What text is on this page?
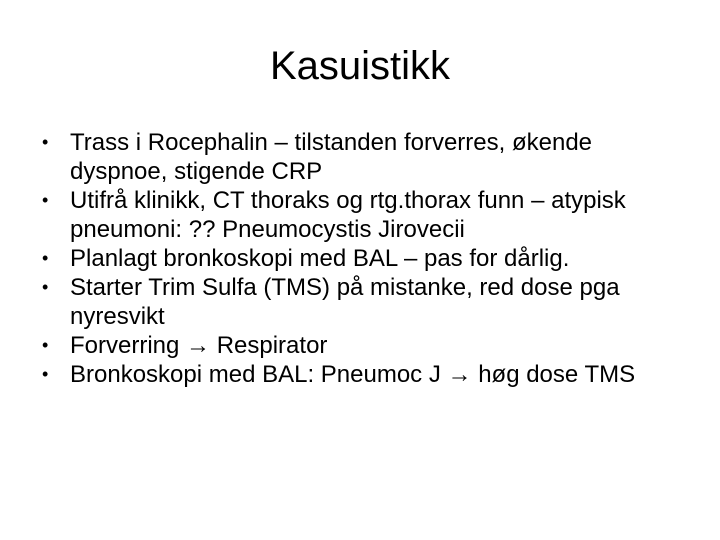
Kasuistikk
• Trass i Rocephalin – tilstanden forverres, økende dyspnoe, stigende CRP
• Utifrå klinikk, CT thoraks og rtg.thorax funn – atypisk pneumoni: ?? Pneumocystis Jirovecii
• Planlagt bronkoskopi med BAL – pas for dårlig.
• Starter Trim Sulfa (TMS) på mistanke, red dose pga nyresvikt
• Forverring → Respirator
• Bronkoskopi med BAL: Pneumoc J → høg dose TMS
